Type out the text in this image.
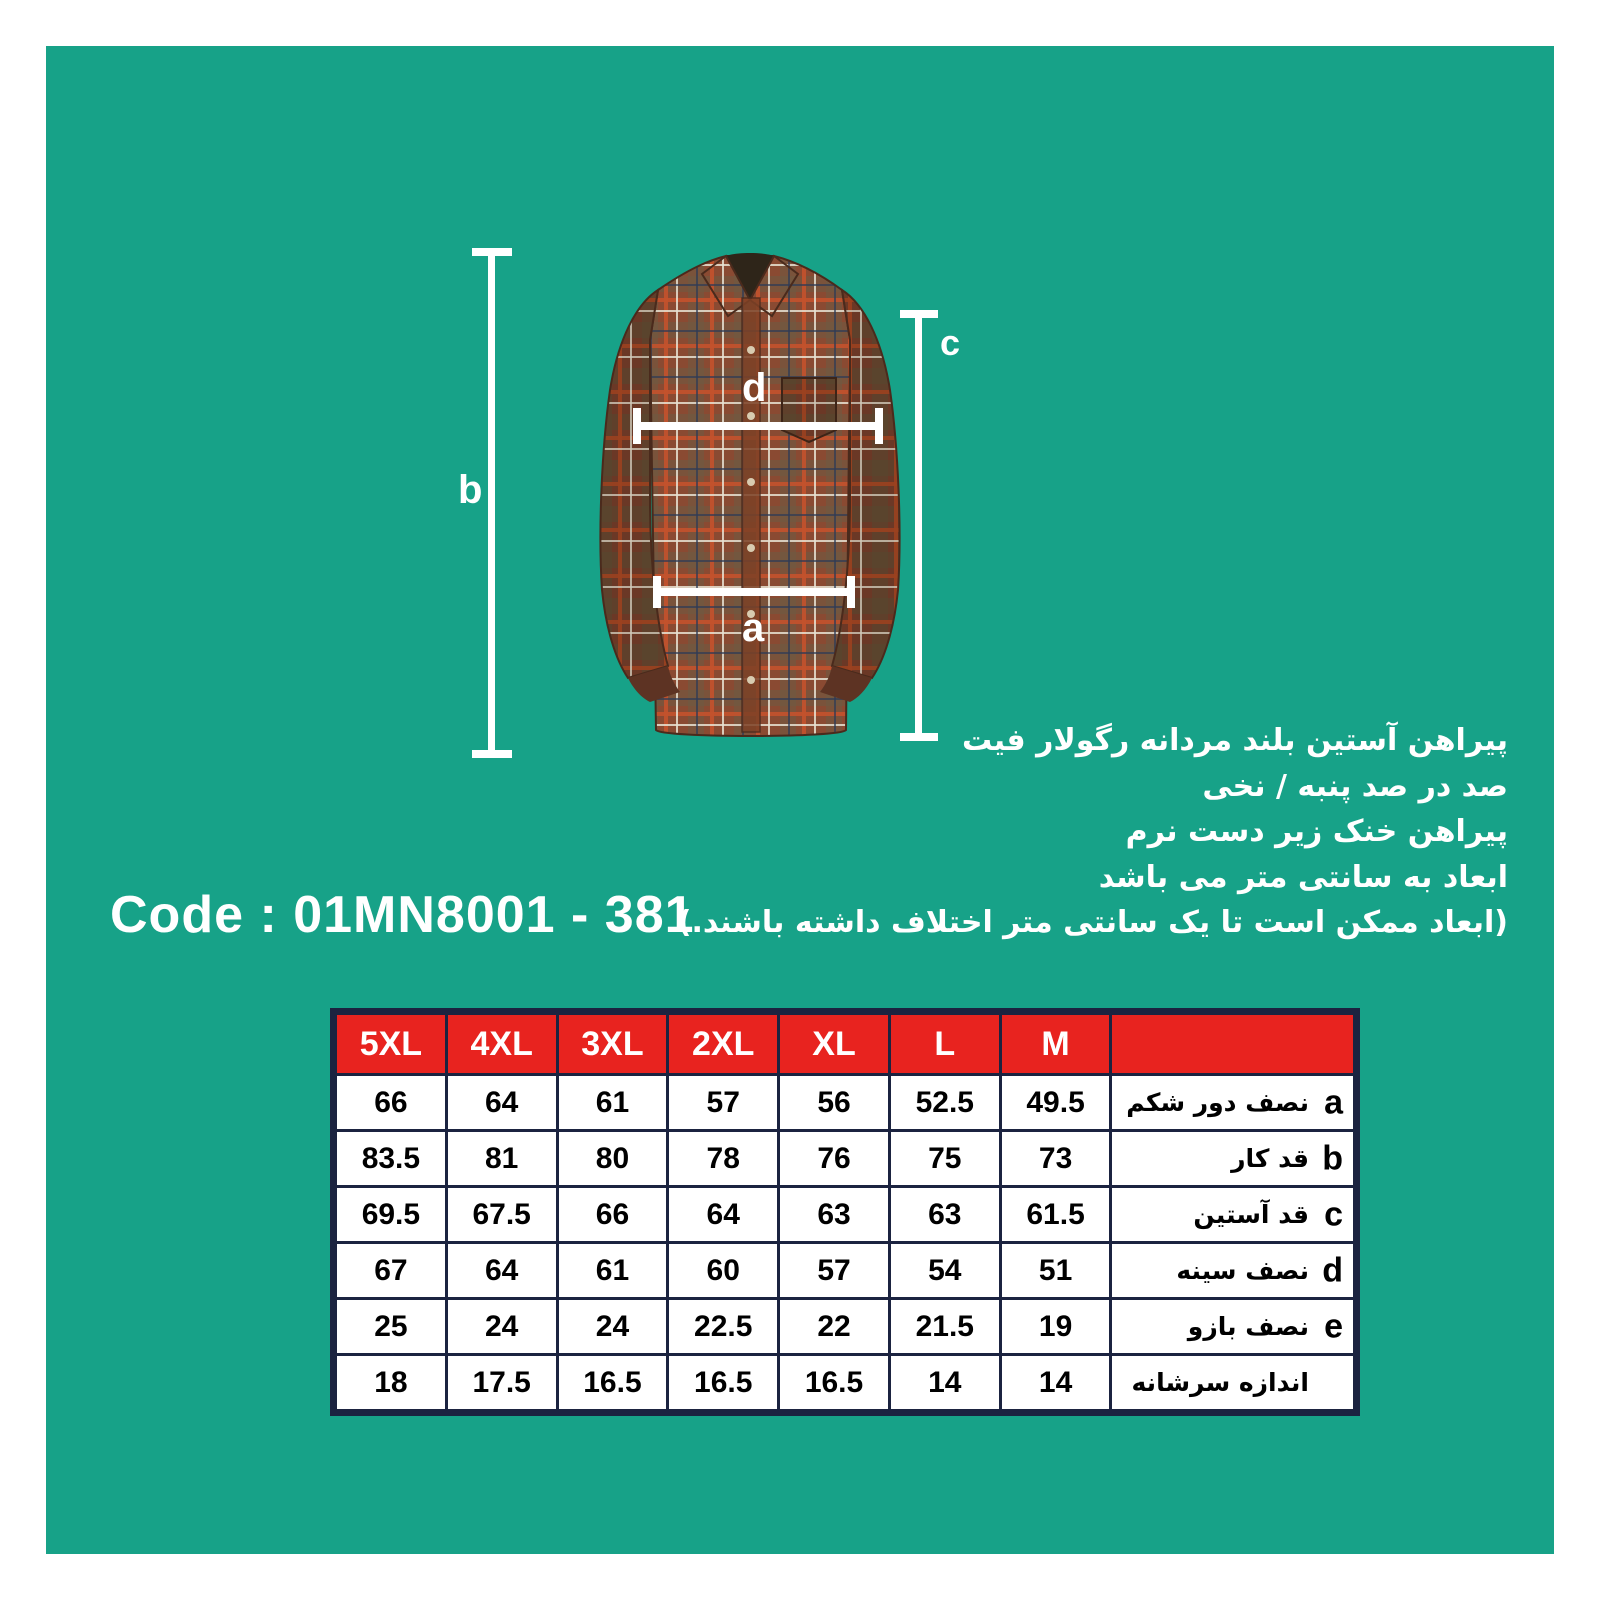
b
c
d
a
پیراهن آستین بلند مردانه رگولار فیت
صد در صد پنبه / نخی
پیراهن خنک زیر دست نرم
ابعاد به سانتی متر می باشد
(ابعاد ممکن است تا یک سانتی متر اختلاف داشته باشند.)
Code : 01MN8001 - 381
5XL	4XL	3XL	2XL	XL	L	M	
66	64	61	57	56	52.5	49.5	نصف دور شکم a

83.5	81	80	78	76	75	73	قد کار b

69.5	67.5	66	64	63	63	61.5	قد آستین c

67	64	61	60	57	54	51	نصف سینه d

25	24	24	22.5	22	21.5	19	نصف بازو e

18	17.5	16.5	16.5	16.5	14	14	اندازه سرشانه
